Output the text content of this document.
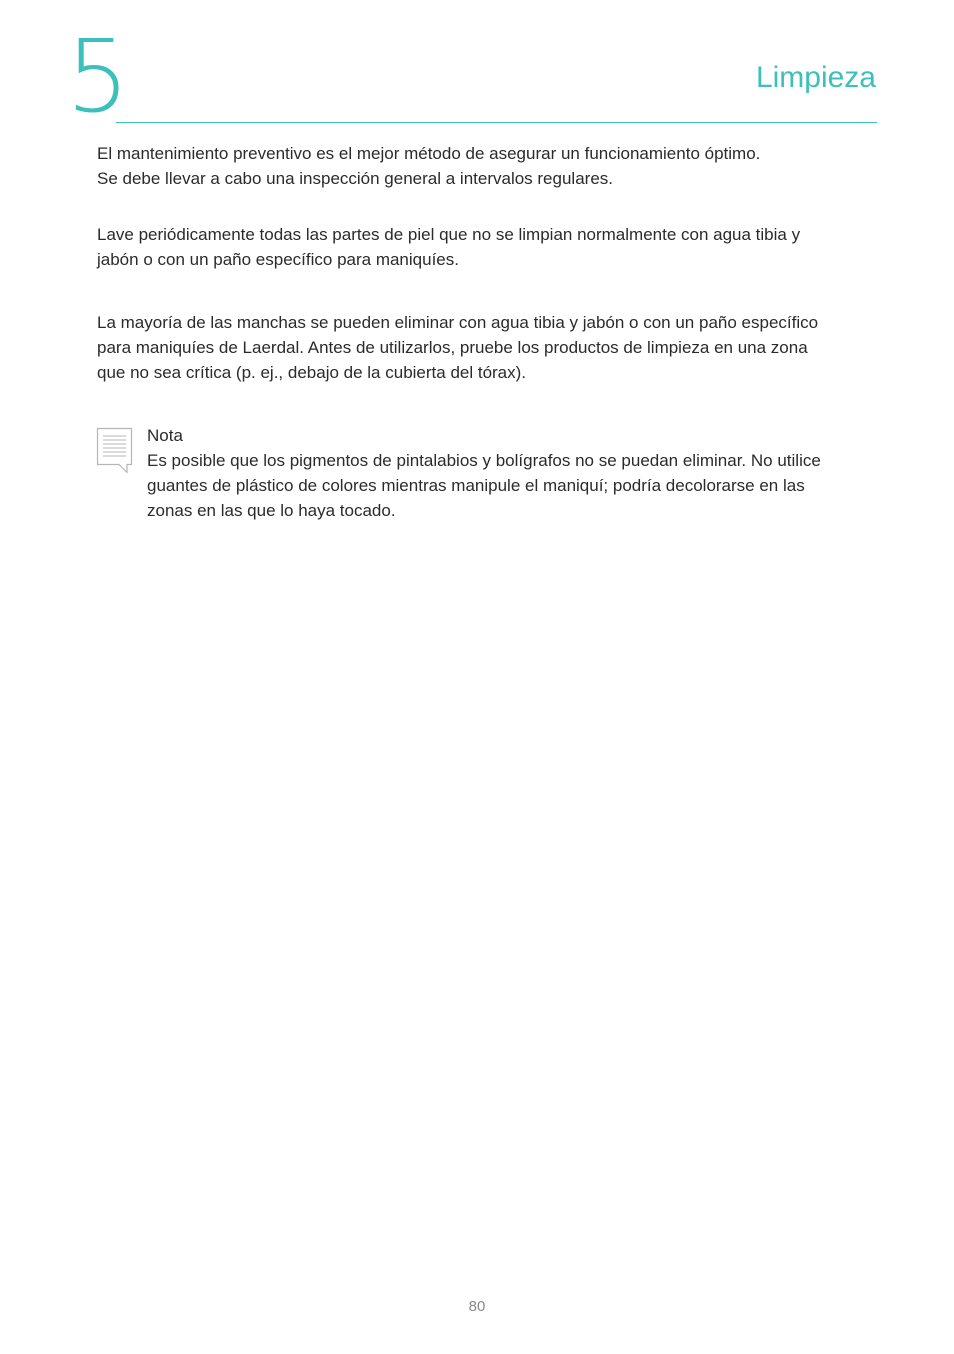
5	Limpieza
El mantenimiento preventivo es el mejor método de asegurar un funcionamiento óptimo.
Se debe llevar a cabo una inspección general a intervalos regulares.
Lave periódicamente todas las partes de piel que no se limpian normalmente con agua tibia y
jabón o con un paño específico para maniquíes.
La mayoría de las manchas se pueden eliminar con agua tibia y jabón o con un paño específico
para maniquíes de Laerdal. Antes de utilizarlos, pruebe los productos de limpieza en una zona
que no sea crítica (p. ej., debajo de la cubierta del tórax).
Nota
Es posible que los pigmentos de pintalabios y bolígrafos no se puedan eliminar. No utilice
guantes de plástico de colores mientras manipule el maniquí; podría decolorarse en las
zonas en las que lo haya tocado.
80
